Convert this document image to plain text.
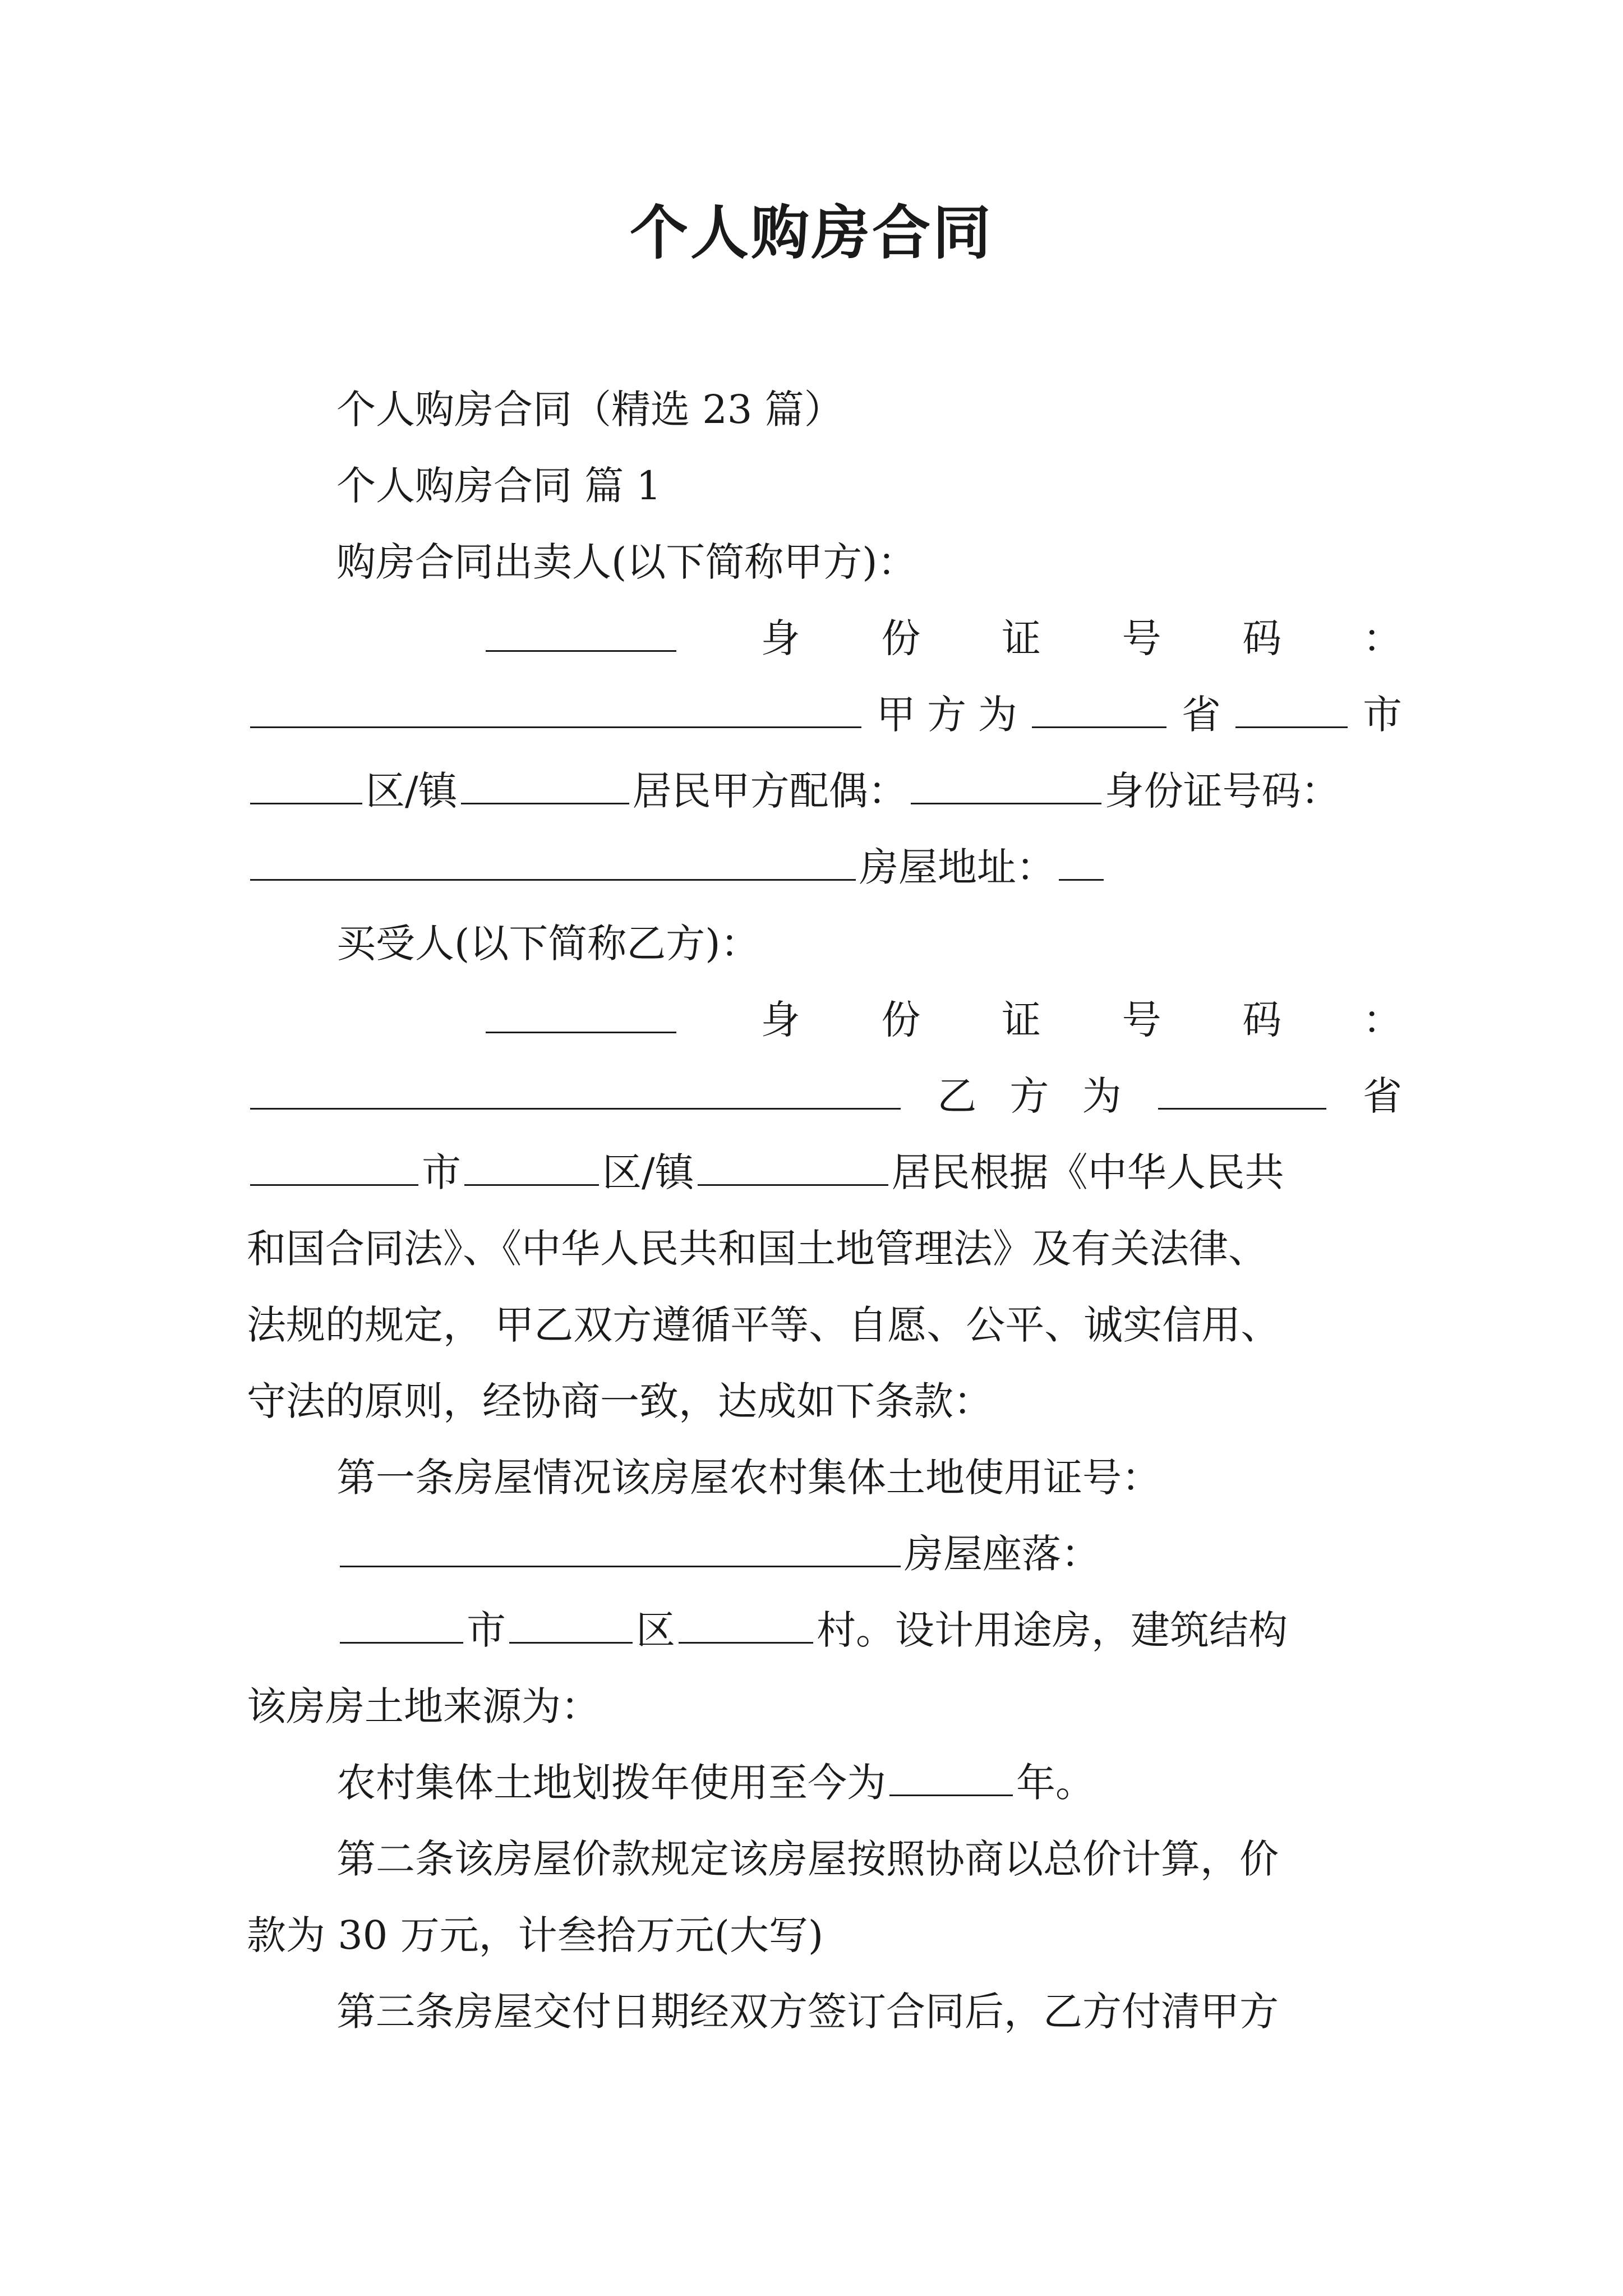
个人购房合同
个人购房合同（精选 23 篇）
个人购房合同 篇 1
购房合同出卖人(以下简称甲方)：
身 份 证 号 码 ：
甲 方 为	省	市
区/镇	居民甲方配偶：	身份证号码：
房屋地址：
买受人(以下简称乙方)：
身 份 证 号 码 ：
乙 方 为	省
市	区/镇	居民根据《中华人民共
和国合同法》、《中华人民共和国土地管理法》及有关法律、
法规的规定， 甲乙双方遵循平等、自愿、公平、诚实信用、
守法的原则，经协商一致，达成如下条款：
第一条房屋情况该房屋农村集体土地使用证号：
房屋座落：
市	区	村。设计用途房，建筑结构
该房房土地来源为：
农村集体土地划拨年使用至今为	年。
第二条该房屋价款规定该房屋按照协商以总价计算，价
款为 30 万元，计叁拾万元(大写)
第三条房屋交付日期经双方签订合同后，乙方付清甲方
